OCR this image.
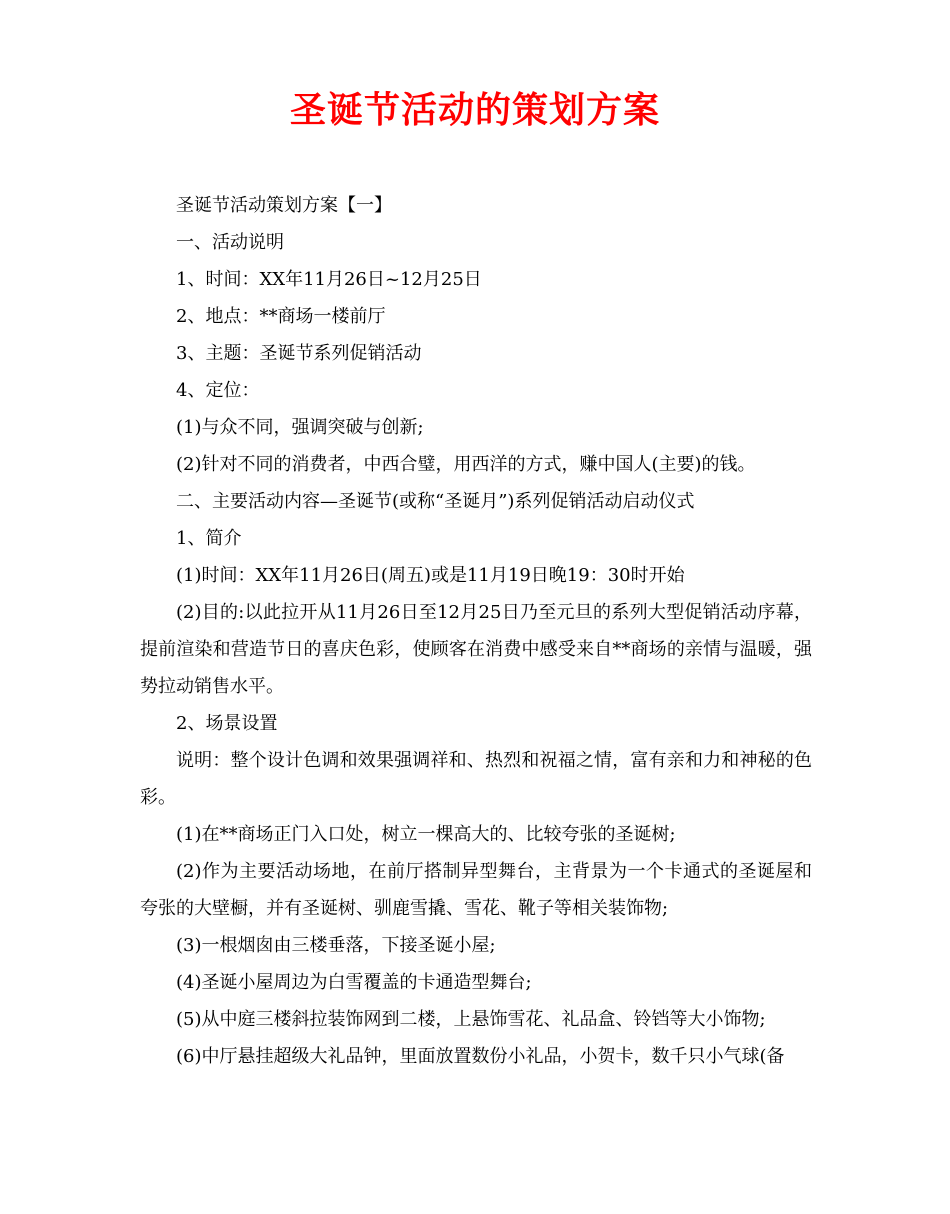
圣诞节活动的策划方案

圣诞节活动策划方案【一】

一、活动说明

1、时间：XX年11月26日~12月25日

2、地点：**商场一楼前厅

3、主题：圣诞节系列促销活动

4、定位：

(1)与众不同，强调突破与创新;

(2)针对不同的消费者，中西合璧，用西洋的方式，赚中国人(主要)的钱。

二、主要活动内容—圣诞节(或称“圣诞月”)系列促销活动启动仪式

1、简介

(1)时间：XX年11月26日(周五)或是11月19日晚19：30时开始

(2)目的:以此拉开从11月26日至12月25日乃至元旦的系列大型促销活动序幕，提前渲染和营造节日的喜庆色彩，使顾客在消费中感受来自**商场的亲情与温暖，强势拉动销售水平。

2、场景设置

说明：整个设计色调和效果强调祥和、热烈和祝福之情，富有亲和力和神秘的色彩。

(1)在**商场正门入口处，树立一棵高大的、比较夸张的圣诞树;

(2)作为主要活动场地，在前厅搭制异型舞台，主背景为一个卡通式的圣诞屋和夸张的大壁橱，并有圣诞树、驯鹿雪撬、雪花、靴子等相关装饰物;

(3)一根烟囱由三楼垂落，下接圣诞小屋;

(4)圣诞小屋周边为白雪覆盖的卡通造型舞台;

(5)从中庭三楼斜拉装饰网到二楼，上悬饰雪花、礼品盒、铃铛等大小饰物;

(6)中厅悬挂超级大礼品钟，里面放置数份小礼品，小贺卡，数千只小气球(备
